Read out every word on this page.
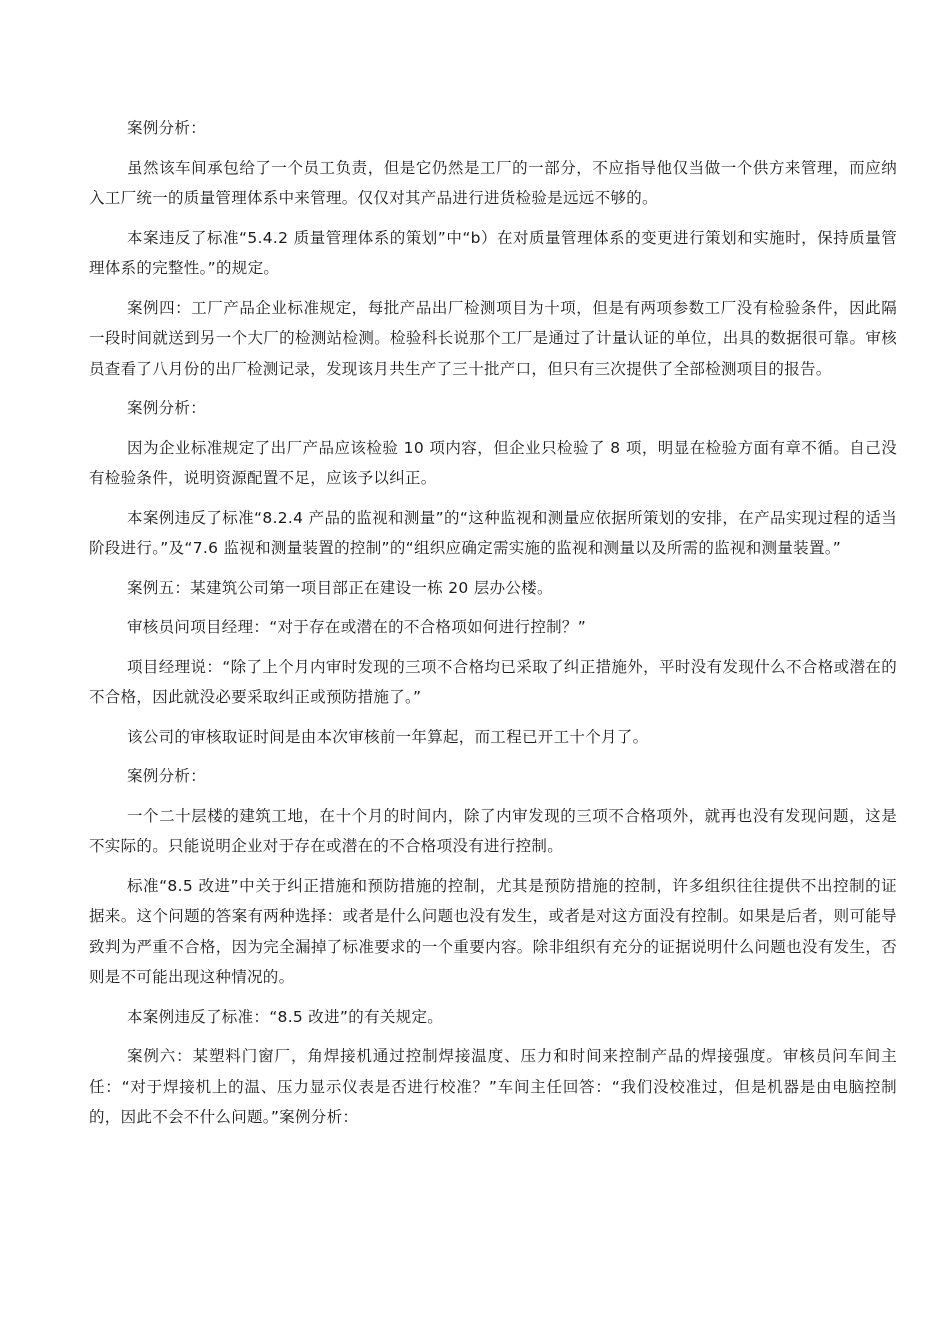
案例分析：

虽然该车间承包给了一个员工负责，但是它仍然是工厂的一部分，不应指导他仅当做一个供方来管理，而应纳入工厂统一的质量管理体系中来管理。仅仅对其产品进行进货检验是远远不够的。

本案违反了标准“5.4.2 质量管理体系的策划”中“b）在对质量管理体系的变更进行策划和实施时，保持质量管理体系的完整性。”的规定。

案例四：工厂产品企业标准规定，每批产品出厂检测项目为十项，但是有两项参数工厂没有检验条件，因此隔一段时间就送到另一个大厂的检测站检测。检验科长说那个工厂是通过了计量认证的单位，出具的数据很可靠。审核员查看了八月份的出厂检测记录，发现该月共生产了三十批产口，但只有三次提供了全部检测项目的报告。

案例分析：

因为企业标准规定了出厂产品应该检验 10 项内容，但企业只检验了 8 项，明显在检验方面有章不循。自己没有检验条件，说明资源配置不足，应该予以纠正。

本案例违反了标准“8.2.4 产品的监视和测量”的“这种监视和测量应依据所策划的安排，在产品实现过程的适当阶段进行。”及“7.6 监视和测量装置的控制”的“组织应确定需实施的监视和测量以及所需的监视和测量装置。”

案例五：某建筑公司第一项目部正在建设一栋 20 层办公楼。

审核员问项目经理：“对于存在或潜在的不合格项如何进行控制？”

项目经理说：“除了上个月内审时发现的三项不合格均已采取了纠正措施外，平时没有发现什么不合格或潜在的不合格，因此就没必要采取纠正或预防措施了。”

该公司的审核取证时间是由本次审核前一年算起，而工程已开工十个月了。

案例分析：

一个二十层楼的建筑工地，在十个月的时间内，除了内审发现的三项不合格项外，就再也没有发现问题，这是不实际的。只能说明企业对于存在或潜在的不合格项没有进行控制。

标准“8.5 改进”中关于纠正措施和预防措施的控制，尤其是预防措施的控制，许多组织往往提供不出控制的证据来。这个问题的答案有两种选择：或者是什么问题也没有发生，或者是对这方面没有控制。如果是后者，则可能导致判为严重不合格，因为完全漏掉了标准要求的一个重要内容。除非组织有充分的证据说明什么问题也没有发生，否则是不可能出现这种情况的。

本案例违反了标准：“8.5 改进”的有关规定。

案例六：某塑料门窗厂，角焊接机通过控制焊接温度、压力和时间来控制产品的焊接强度。审核员问车间主任：“对于焊接机上的温、压力显示仪表是否进行校准？”车间主任回答：“我们没校准过，但是机器是由电脑控制的，因此不会不什么问题。”案例分析：
